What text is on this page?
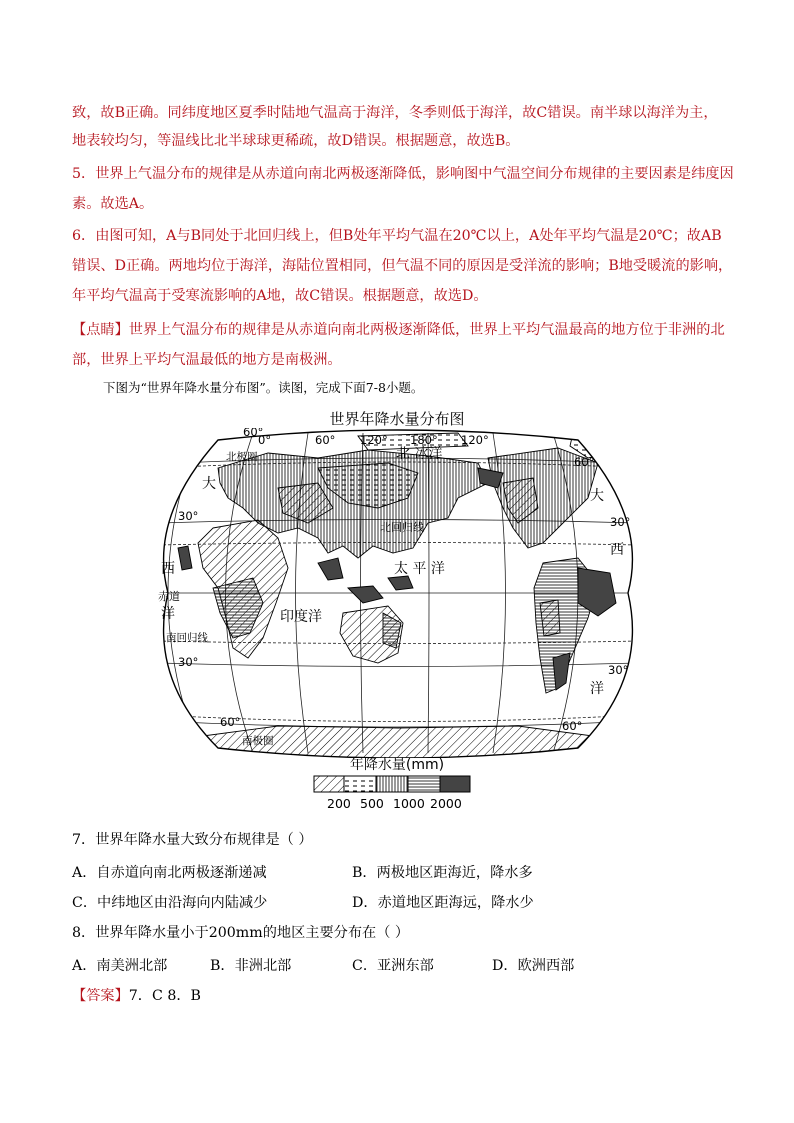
致，故B正确。同纬度地区夏季时陆地气温高于海洋，冬季则低于海洋，故C错误。南半球以海洋为主，
地表较均匀，等温线比北半球球更稀疏，故D错误。根据题意，故选B。
5．世界上气温分布的规律是从赤道向南北两极逐渐降低，影响图中气温空间分布规律的主要因素是纬度因
素。故选A。
6．由图可知，A与B同处于北回归线上，但B处年平均气温在20℃以上，A处年平均气温是20℃；故AB
错误、D正确。两地均位于海洋，海陆位置相同，但气温不同的原因是受洋流的影响；B地受暖流的影响，
年平均气温高于受寒流影响的A地，故C错误。根据题意，故选D。
【点睛】世界上气温分布的规律是从赤道向南北两极逐渐降低，世界上平均气温最高的地方位于非洲的北
部，世界上平均气温最低的地方是南极洲。
下图为“世界年降水量分布图”。读图，完成下面7-8小题。
世界年降水量分布图
0°	60° 120° 180° 120°
60°
北极圈	北 冰洋
大
西
洋
大
西
洋
赤道
北回归线
南回归线
太 平 洋
印度洋
30°	30°
30°
30°
60°
60°	60°
南极圈
年降水量(mm)
200 500 1000 2000
7．世界年降水量大致分布规律是（ ）
A．自赤道向南北两极逐渐递减	B．两极地区距海近，降水多
C．中纬地区由沿海向内陆减少	D．赤道地区距海远，降水少
8．世界年降水量小于200mm的地区主要分布在（ ）
A．南美洲北部	B．非洲北部	C．亚洲东部	D．欧洲西部
【答案】7．C 8．B
